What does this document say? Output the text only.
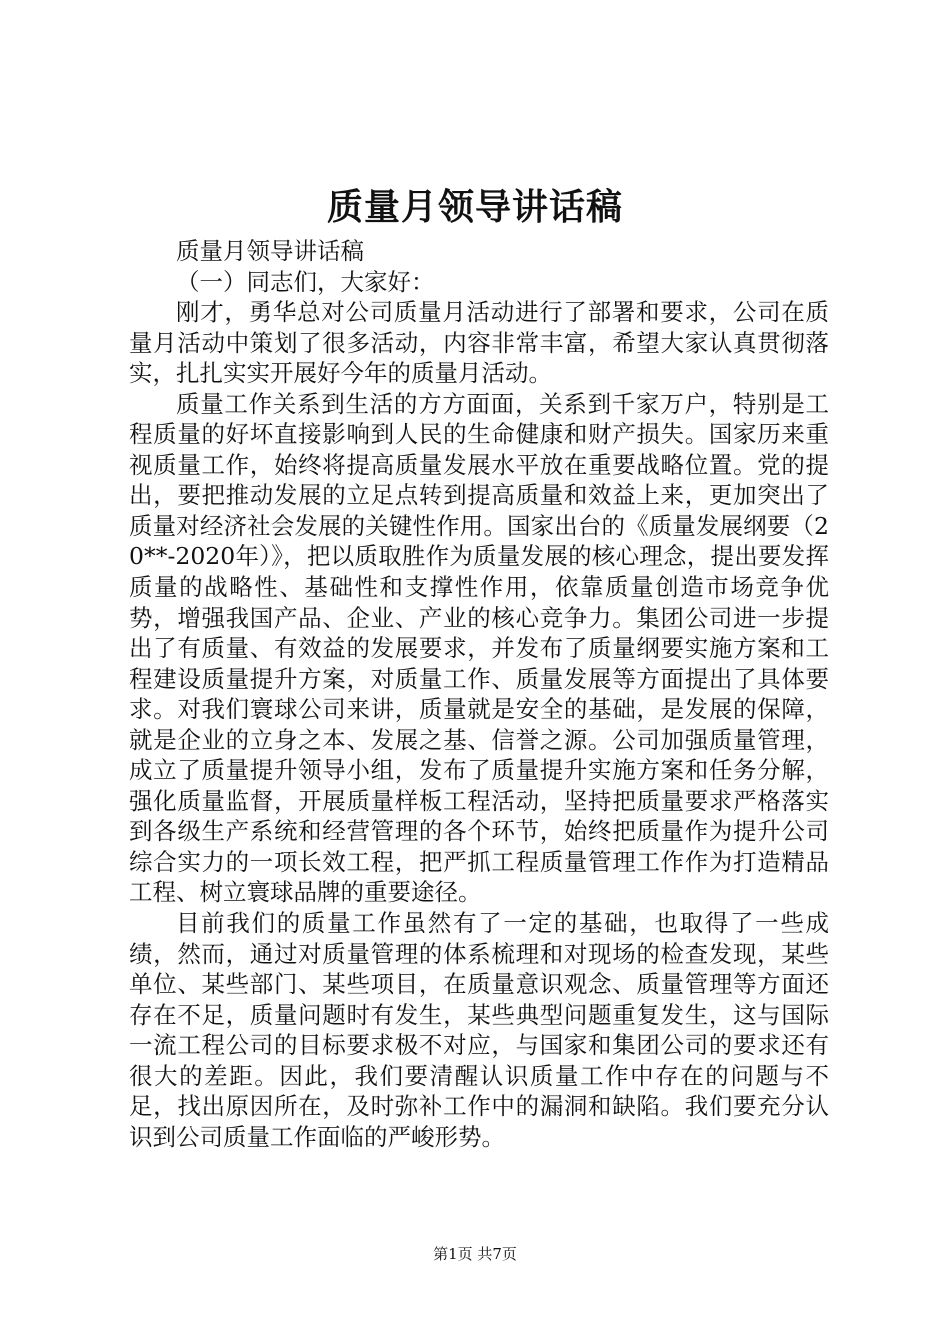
质量月领导讲话稿

质量月领导讲话稿

（一）同志们，大家好：

刚才，勇华总对公司质量月活动进行了部署和要求，公司在质量月活动中策划了很多活动，内容非常丰富，希望大家认真贯彻落实，扎扎实实开展好今年的质量月活动。

质量工作关系到生活的方方面面，关系到千家万户，特别是工程质量的好坏直接影响到人民的生命健康和财产损失。国家历来重视质量工作，始终将提高质量发展水平放在重要战略位置。党的提出，要把推动发展的立足点转到提高质量和效益上来，更加突出了质量对经济社会发展的关键性作用。国家出台的《质量发展纲要（20**-2020年）》，把以质取胜作为质量发展的核心理念，提出要发挥质量的战略性、基础性和支撑性作用，依靠质量创造市场竞争优势，增强我国产品、企业、产业的核心竞争力。集团公司进一步提出了有质量、有效益的发展要求，并发布了质量纲要实施方案和工程建设质量提升方案，对质量工作、质量发展等方面提出了具体要求。对我们寰球公司来讲，质量就是安全的基础，是发展的保障，就是企业的立身之本、发展之基、信誉之源。公司加强质量管理，成立了质量提升领导小组，发布了质量提升实施方案和任务分解，强化质量监督，开展质量样板工程活动，坚持把质量要求严格落实到各级生产系统和经营管理的各个环节，始终把质量作为提升公司综合实力的一项长效工程，把严抓工程质量管理工作作为打造精品工程、树立寰球品牌的重要途径。

目前我们的质量工作虽然有了一定的基础，也取得了一些成绩，然而，通过对质量管理的体系梳理和对现场的检查发现，某些单位、某些部门、某些项目，在质量意识观念、质量管理等方面还存在不足，质量问题时有发生，某些典型问题重复发生，这与国际一流工程公司的目标要求极不对应，与国家和集团公司的要求还有很大的差距。因此，我们要清醒认识质量工作中存在的问题与不足，找出原因所在，及时弥补工作中的漏洞和缺陷。我们要充分认识到公司质量工作面临的严峻形势。

第1页 共7页
